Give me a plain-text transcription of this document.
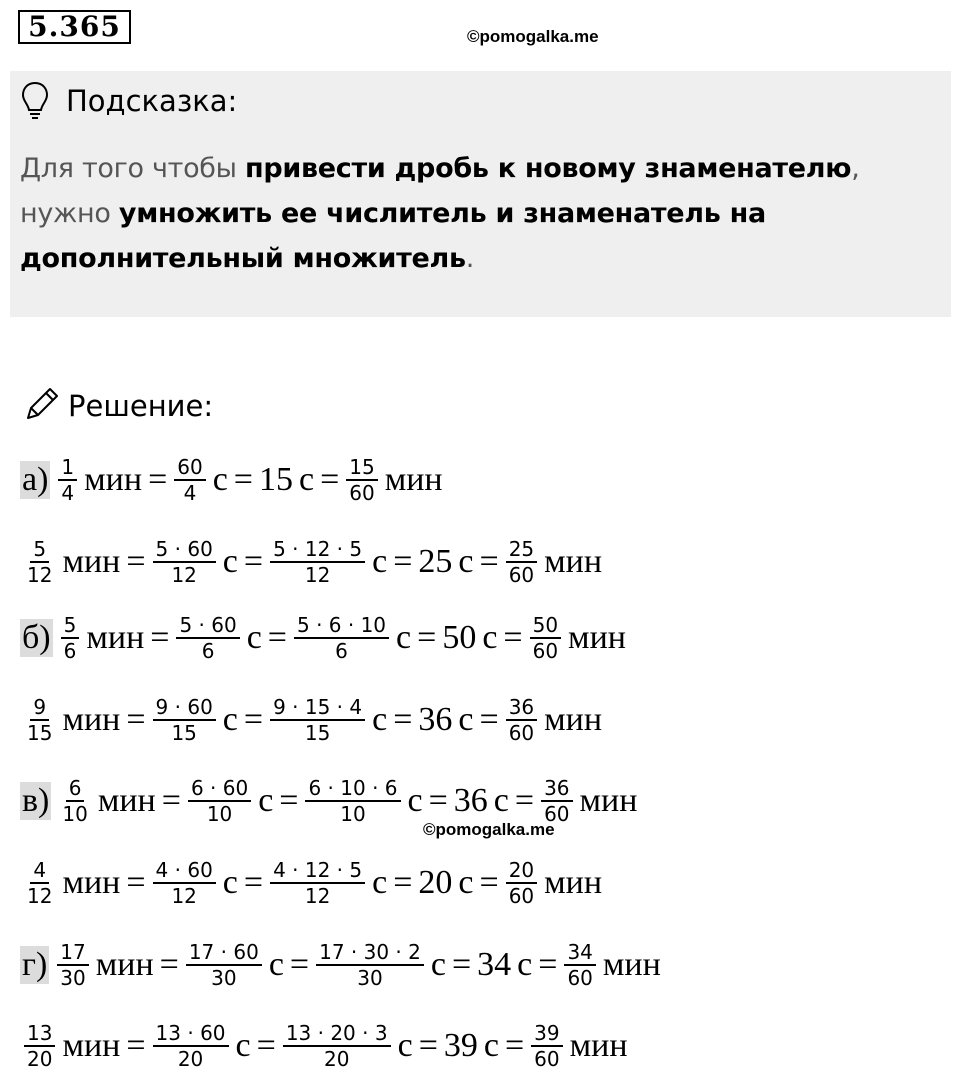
5.365	©pomogalka.me
Подсказка:
Для того чтобы привести дробь к новому знаменателю,
нужно умножить ее числитель и знаменатель на
дополнительный множитель.
Решение:
$а) \frac{1}{4}$ мин = $\frac{60}{4}$ с = 15 $с = \frac{15}{60}$ мин
$\frac{5}{12}$ мин = $\frac{5 \cdot 60}{12}$ $с = \frac{5 \cdot 12 \cdot 5}{12}$ с = 25 $с = \frac{25}{60}$ мин
$б) \frac{5}{6}$ мин = $\frac{5 \cdot 60}{6}$ $с = \frac{5 \cdot 6 \cdot 10}{6}$ с = 50 $с = \frac{50}{60}$ мин
$\frac{9}{15}$ мин = $\frac{9 \cdot 60}{15}$ $с = \frac{9 \cdot 15 \cdot 4}{15}$ с = 36 $с = \frac{36}{60}$ мин
$в) \frac{6}{10}$ мин = $\frac{6 \cdot 60}{10}$ $с = \frac{6 \cdot 10 \cdot 6}{10}$ с = 36 $с = \frac{36}{60}$ мин
$\frac{4}{12}$ мин = $\frac{4 \cdot 60}{12}$ $с = \frac{4 \cdot 12 \cdot 5}{12}$ с = 20 $с = \frac{20}{60}$ мин
$г) \frac{17}{30}$ мин = $\frac{17 \cdot 60}{30}$ $с = \frac{17 \cdot 30 \cdot 2}{30}$ с = 34 $с = \frac{34}{60}$ мин
$\frac{13}{20}$ мин = $\frac{13 \cdot 60}{20}$ $с = \frac{13 \cdot 20 \cdot 3}{20}$ с = 39 $с = \frac{39}{60}$ мин
©pomogalka.me
